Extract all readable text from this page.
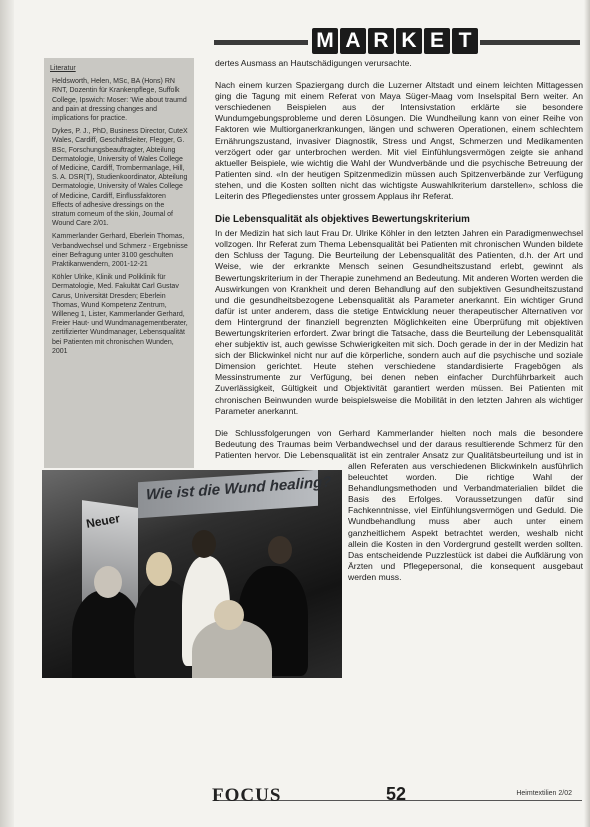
M A R K E T
Literatur

Heldsworth, Helen, MSc, BA (Hons) RN RNT, Dozentin für Krankenpflege, Suffolk College, Ipswich: Moser: 'Wie about traumd and pain at dressing changes and implications for practice.

Dykes, P. J., PhD, Business Director, CuteX Wales, Cardiff, Geschäftsleiter, Flegger, G. BSc, Forschungsbeauftragter, Abteilung Dermatologie, University of Wales College of Medicine, Cardiff, Trombermanlage, Hill, S. A. DSR(T), Studienkoordinator, Abteilung Dermatologie, University of Wales College of Medicine, Cardiff, Einflussfaktoren Effects of adhesive dressings on the stratum corneum of the skin, Journal of Wound Care 2/01.

Kammerlander Gerhard, Eberlein Thomas, Verbandwechsel und Schmerz - Ergebnisse einer Befragung unter 3100 geschulten Praktikanwendern, 2001-12-21

Köhler Ulrike, Klinik und Poliklinik für Dermatologie, Med. Fakultät Carl Gustav Carus, Universität Dresden; Eberlein Thomas, Wund Kompetenz Zentrum, Willeneg 1, Lister, Kammerlander Gerhard, Freier Haut- und Wundmanagementberater, zertifizierter Wundmanager, Lebensqualität bei Patienten mit chronischen Wunden, 2001

dertes Ausmass an Hautschädigungen verursachte.

Nach einem kurzen Spaziergang durch die Luzerner Altstadt und einem leichten Mittagessen ging die Tagung mit einem Referat von Maya Süger-Maag vom Inselspital Bern weiter. An verschiedenen Beispielen aus der Intensivstation erklärte sie besondere Wundumgebungsprobleme und deren Lösungen. Die Wundheilung kann von einer Reihe von Faktoren wie Multiorganerkrankungen, längen und schweren Operationen, einem schlechtem Ernährungszustand, invasiver Diagnostik, Stress und Angst, Schmerzen und Medikamenten verzögert oder gar unterbrochen werden. Mit viel Einfühlungsvermögen zeigte sie anhand aktueller Beispiele, wie wichtig die Wahl der Wundverbände und die psychische Betreuung der Patienten sind. «In der heutigen Spitzenmedizin müssen auch Spitzenverbände zur Verfügung stehen, und die Kosten sollten nicht das wichtigste Auswahlkriterium darstellen», schloss die Leiterin des Pflegedienstes unter grossem Applaus ihr Referat.

Die Lebensqualität als objektives Bewertungskriterium

In der Medizin hat sich laut Frau Dr. Ulrike Köhler in den letzten Jahren ein Paradigmenwechsel vollzogen. Ihr Referat zum Thema Lebensqualität bei Patienten mit chronischen Wunden bildete den Schluss der Tagung. Die Beurteilung der Lebensqualität des Patienten, d.h. der Art und Weise, wie der erkrankte Mensch seinen Gesundheitszustand erlebt, gewinnt als Bewertungskriterium in der Therapie zunehmend an Bedeutung. Mit anderen Worten werden die Auswirkungen von Krankheit und deren Behandlung auf den subjektiven Gesundheitszustand und die gesundheitsbezogene Lebensqualität als Parameter anerkannt. Ein wichtiger Grund dafür ist unter anderem, dass die stetige Entwicklung neuer therapeutischer Alternativen vor dem Hintergrund der finanziell begrenzten Möglichkeiten eine Überprüfung mit objektiven Bewertungskriterien erfordert. Zwar bringt die Tatsache, dass die Beurteilung der Lebensqualität eher subjektiv ist, auch gewisse Schwierigkeiten mit sich. Doch gerade in der in der Medizin hat sich der Blickwinkel nicht nur auf die körperliche, sondern auch auf die psychische und soziale Dimension gerichtet. Heute stehen verschiedene standardisierte Fragebögen als Messinstrumente zur Verfügung, bei denen neben einfacher Durchführbarkeit auch Zuverlässigkeit, Gültigkeit und Objektivität garantiert werden müssen. Bei Patienten mit chronischen Beinwunden wurde beispielsweise die Mobilität in den letzten Jahren als wichtiger Parameter anerkannt.

Die Schlussfolgerungen von Gerhard Kammerlander hielten noch mals die besondere Bedeutung des Traumas beim Verbandwechsel und der daraus resultierende Schmerz für den Patienten hervor. Die Lebensqualität ist ein zentraler Ansatz zur Qualitätsbeurteilung und ist in allen Referaten aus verschiedenen Blickwinkeln ausführlich beleuchtet worden. Die richtige Wahl der Behandlungsmethoden und Verbandmaterialien bildet die Basis des Erfolges. Voraussetzungen dafür sind Fachkenntnisse, viel Einfühlungsvermögen und Geduld. Die Wundbehandlung muss aber auch unter einem ganzheitlichem Aspekt betrachtet werden, weshalb nicht allein die Kosten in den Vordergrund gestellt werden sollten. Das entscheidende Puzzlestück ist dabei die Aufklärung von Ärzten und Pflegepersonal, die konsequent ausgebaut werden muss.

Wie ist die Wund healing?
Neuer
FOCUS	52	Heimtextilien 2/02
